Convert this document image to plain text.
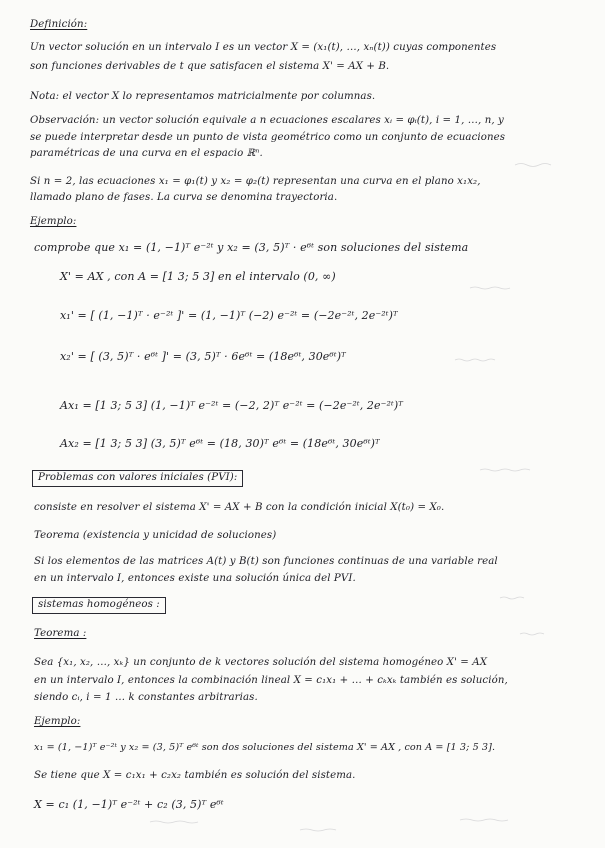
Definición:
Un vector solución en un intervalo I es un vector X = (x₁(t), …, xₙ(t)) cuyas componentes
son funciones derivables de t que satisfacen el sistema X' = AX + B.
Nota: el vector X lo representamos matricialmente por columnas.
Observación: un vector solución equivale a n ecuaciones escalares xᵢ = φᵢ(t), i = 1, …, n, y
se puede interpretar desde un punto de vista geométrico como un conjunto de ecuaciones
paramétricas de una curva en el espacio ℝⁿ.
Si n = 2, las ecuaciones x₁ = φ₁(t) y x₂ = φ₂(t) representan una curva en el plano x₁x₂,
llamado plano de fases. La curva se denomina trayectoria.
Ejemplo:
comprobe que x₁ = (1, −1)ᵀ e⁻²ᵗ y x₂ = (3, 5)ᵀ · e⁶ᵗ son soluciones del sistema
X' = AX , con A = [1 3; 5 3] en el intervalo (0, ∞)
x₁' = [ (1, −1)ᵀ · e⁻²ᵗ ]' = (1, −1)ᵀ (−2) e⁻²ᵗ = (−2e⁻²ᵗ, 2e⁻²ᵗ)ᵀ
x₂' = [ (3, 5)ᵀ · e⁶ᵗ ]' = (3, 5)ᵀ · 6e⁶ᵗ = (18e⁶ᵗ, 30e⁶ᵗ)ᵀ
Ax₁ = [1 3; 5 3] (1, −1)ᵀ e⁻²ᵗ = (−2, 2)ᵀ e⁻²ᵗ = (−2e⁻²ᵗ, 2e⁻²ᵗ)ᵀ
Ax₂ = [1 3; 5 3] (3, 5)ᵀ e⁶ᵗ = (18, 30)ᵀ e⁶ᵗ = (18e⁶ᵗ, 30e⁶ᵗ)ᵀ
Problemas con valores iniciales (PVI):
consiste en resolver el sistema X' = AX + B con la condición inicial X(t₀) = X₀.
Teorema (existencia y unicidad de soluciones)
Si los elementos de las matrices A(t) y B(t) son funciones continuas de una variable real
en un intervalo I, entonces existe una solución única del PVI.
sistemas homogéneos :
Teorema :
Sea {x₁, x₂, …, xₖ} un conjunto de k vectores solución del sistema homogéneo X' = AX
en un intervalo I, entonces la combinación lineal X = c₁x₁ + … + cₖxₖ también es solución,
siendo cᵢ, i = 1 … k constantes arbitrarias.
Ejemplo:
x₁ = (1, −1)ᵀ e⁻²ᵗ y x₂ = (3, 5)ᵀ e⁶ᵗ son dos soluciones del sistema X' = AX , con A = [1 3; 5 3].
Se tiene que X = c₁x₁ + c₂x₂ también es solución del sistema.
X = c₁ (1, −1)ᵀ e⁻²ᵗ + c₂ (3, 5)ᵀ e⁶ᵗ
